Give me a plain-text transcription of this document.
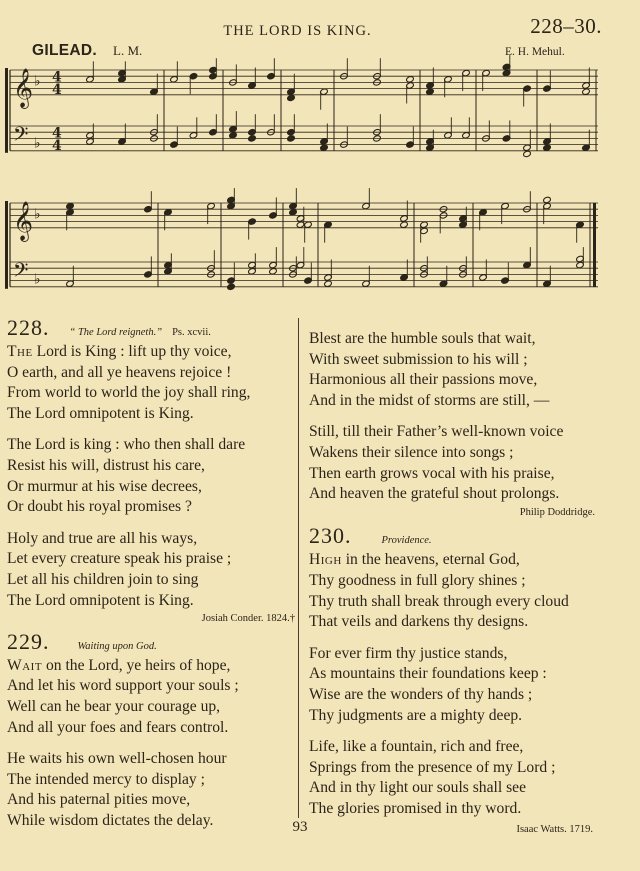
THE LORD IS KING.	228–30.
GILEAD. L. M.	E. H. Mehul.
𝄞 ♭ 4
4
𝄢 ♭
4
4
𝄞 ♭
𝄢 ♭
228. “ The Lord reigneth.” Ps. xcvii.
The Lord is King : lift up thy voice,
O earth, and all ye heavens rejoice !
From world to world the joy shall ring,
The Lord omnipotent is King.
The Lord is king : who then shall dare
Resist his will, distrust his care,
Or murmur at his wise decrees,
Or doubt his royal promises ?
Holy and true are all his ways,
Let every creature speak his praise ;
Let all his children join to sing
The Lord omnipotent is King.
Josiah Conder. 1824.†
229.	Waiting upon God.
Wait on the Lord, ye heirs of hope,
And let his word support your souls ;
Well can he bear your courage up,
And all your foes and fears control.
He waits his own well-chosen hour
The intended mercy to display ;
And his paternal pities move,
While wisdom dictates the delay.
Blest are the humble souls that wait,
With sweet submission to his will ;
Harmonious all their passions move,
And in the midst of storms are still, —
Still, till their Father’s well-known voice
Wakens their silence into songs ;
Then earth grows vocal with his praise,
And heaven the grateful shout prolongs.
Philip Doddridge.
230.	Providence.
High in the heavens, eternal God,
Thy goodness in full glory shines ;
Thy truth shall break through every cloud
That veils and darkens thy designs.
For ever firm thy justice stands,
As mountains their foundations keep :
Wise are the wonders of thy hands ;
Thy judgments are a mighty deep.
Life, like a fountain, rich and free,
Springs from the presence of my Lord ;
And in thy light our souls shall see
The glories promised in thy word.
Isaac Watts. 1719.
93
